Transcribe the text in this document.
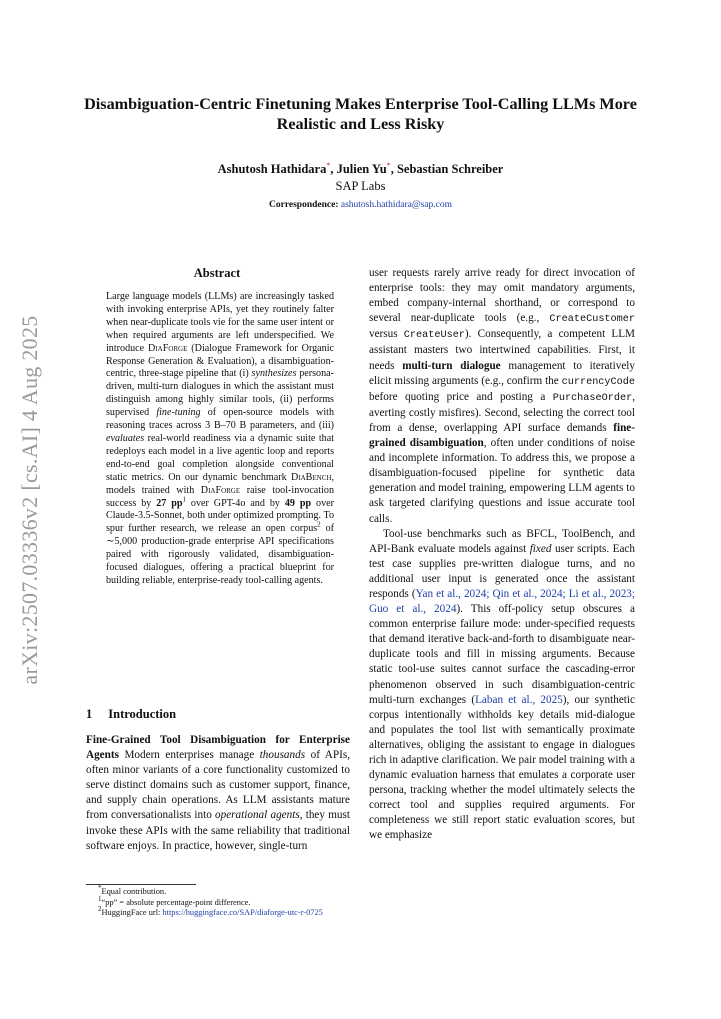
arXiv:2507.03336v2 [cs.AI] 4 Aug 2025
Disambiguation-Centric Finetuning Makes Enterprise Tool-Calling LLMs More Realistic and Less Risky
Ashutosh Hathidara*, Julien Yu*, Sebastian Schreiber
SAP Labs
Correspondence: ashutosh.hathidara@sap.com
Abstract
Large language models (LLMs) are increasingly tasked with invoking enterprise APIs, yet they routinely falter when near-duplicate tools vie for the same user intent or when required arguments are left underspecified. We introduce DiaForge (Dialogue Framework for Organic Response Generation & Evaluation), a disambiguation-centric, three-stage pipeline that (i) synthesizes persona-driven, multi-turn dialogues in which the assistant must distinguish among highly similar tools, (ii) performs supervised fine-tuning of open-source models with reasoning traces across 3 B–70 B parameters, and (iii) evaluates real-world readiness via a dynamic suite that redeploys each model in a live agentic loop and reports end-to-end goal completion alongside conventional static metrics. On our dynamic benchmark DiaBench, models trained with DiaForge raise tool-invocation success by 27 $pp^1$ over GPT-4o and by 49 pp over Claude-3.5-Sonnet, both under optimized prompting. To spur further research, we release an open corpus$^2$ of ∼5,000 production-grade enterprise API specifications paired with rigorously validated, disambiguation-focused dialogues, offering a practical blueprint for building reliable, enterprise-ready tool-calling agents.
1 Introduction
Fine-Grained Tool Disambiguation for Enterprise Agents Modern enterprises manage thousands of APIs, often minor variants of a core functionality customized to serve distinct domains such as customer support, finance, and supply chain operations. As LLM assistants mature from conversationalists into operational agents, they must invoke these APIs with the same reliability that traditional software enjoys. In practice, however, single-turn
*Equal contribution.
$^1$“pp” = absolute percentage-point difference.
$^2$HuggingFace url: https://huggingface.co/SAP/diaforge-utc-r-0725

user requests rarely arrive ready for direct invocation of enterprise tools: they may omit mandatory arguments, embed company-internal shorthand, or correspond to several near-duplicate tools (e.g., CreateCustomer versus CreateUser). Consequently, a competent LLM assistant masters two intertwined capabilities. First, it needs multi-turn dialogue management to iteratively elicit missing arguments (e.g., confirm the currencyCode before quoting price and posting a PurchaseOrder, averting costly misfires). Second, selecting the correct tool from a dense, overlapping API surface demands fine-grained disambiguation, often under conditions of noise and incomplete information. To address this, we propose a disambiguation-focused pipeline for synthetic data generation and model training, empowering LLM agents to ask targeted clarifying questions and issue accurate tool calls.

Tool-use benchmarks such as BFCL, ToolBench, and API-Bank evaluate models against fixed user scripts. Each test case supplies pre-written dialogue turns, and no additional user input is generated once the assistant responds (Yan et al., 2024; Qin et al., 2024; Li et al., 2023; Guo et al., 2024). This off-policy setup obscures a common enterprise failure mode: under-specified requests that demand iterative back-and-forth to disambiguate near-duplicate tools and fill in missing arguments. Because static tool-use suites cannot surface the cascading-error phenomenon observed in such disambiguation-centric multi-turn exchanges (Laban et al., 2025), our synthetic corpus intentionally withholds key details mid-dialogue and populates the tool list with semantically proximate alternatives, obliging the assistant to engage in dialogues rich in adaptive clarification. We pair model training with a dynamic evaluation harness that emulates a corporate user persona, tracking whether the model ultimately selects the correct tool and supplies required arguments. For completeness we still report static evaluation scores, but we emphasize
